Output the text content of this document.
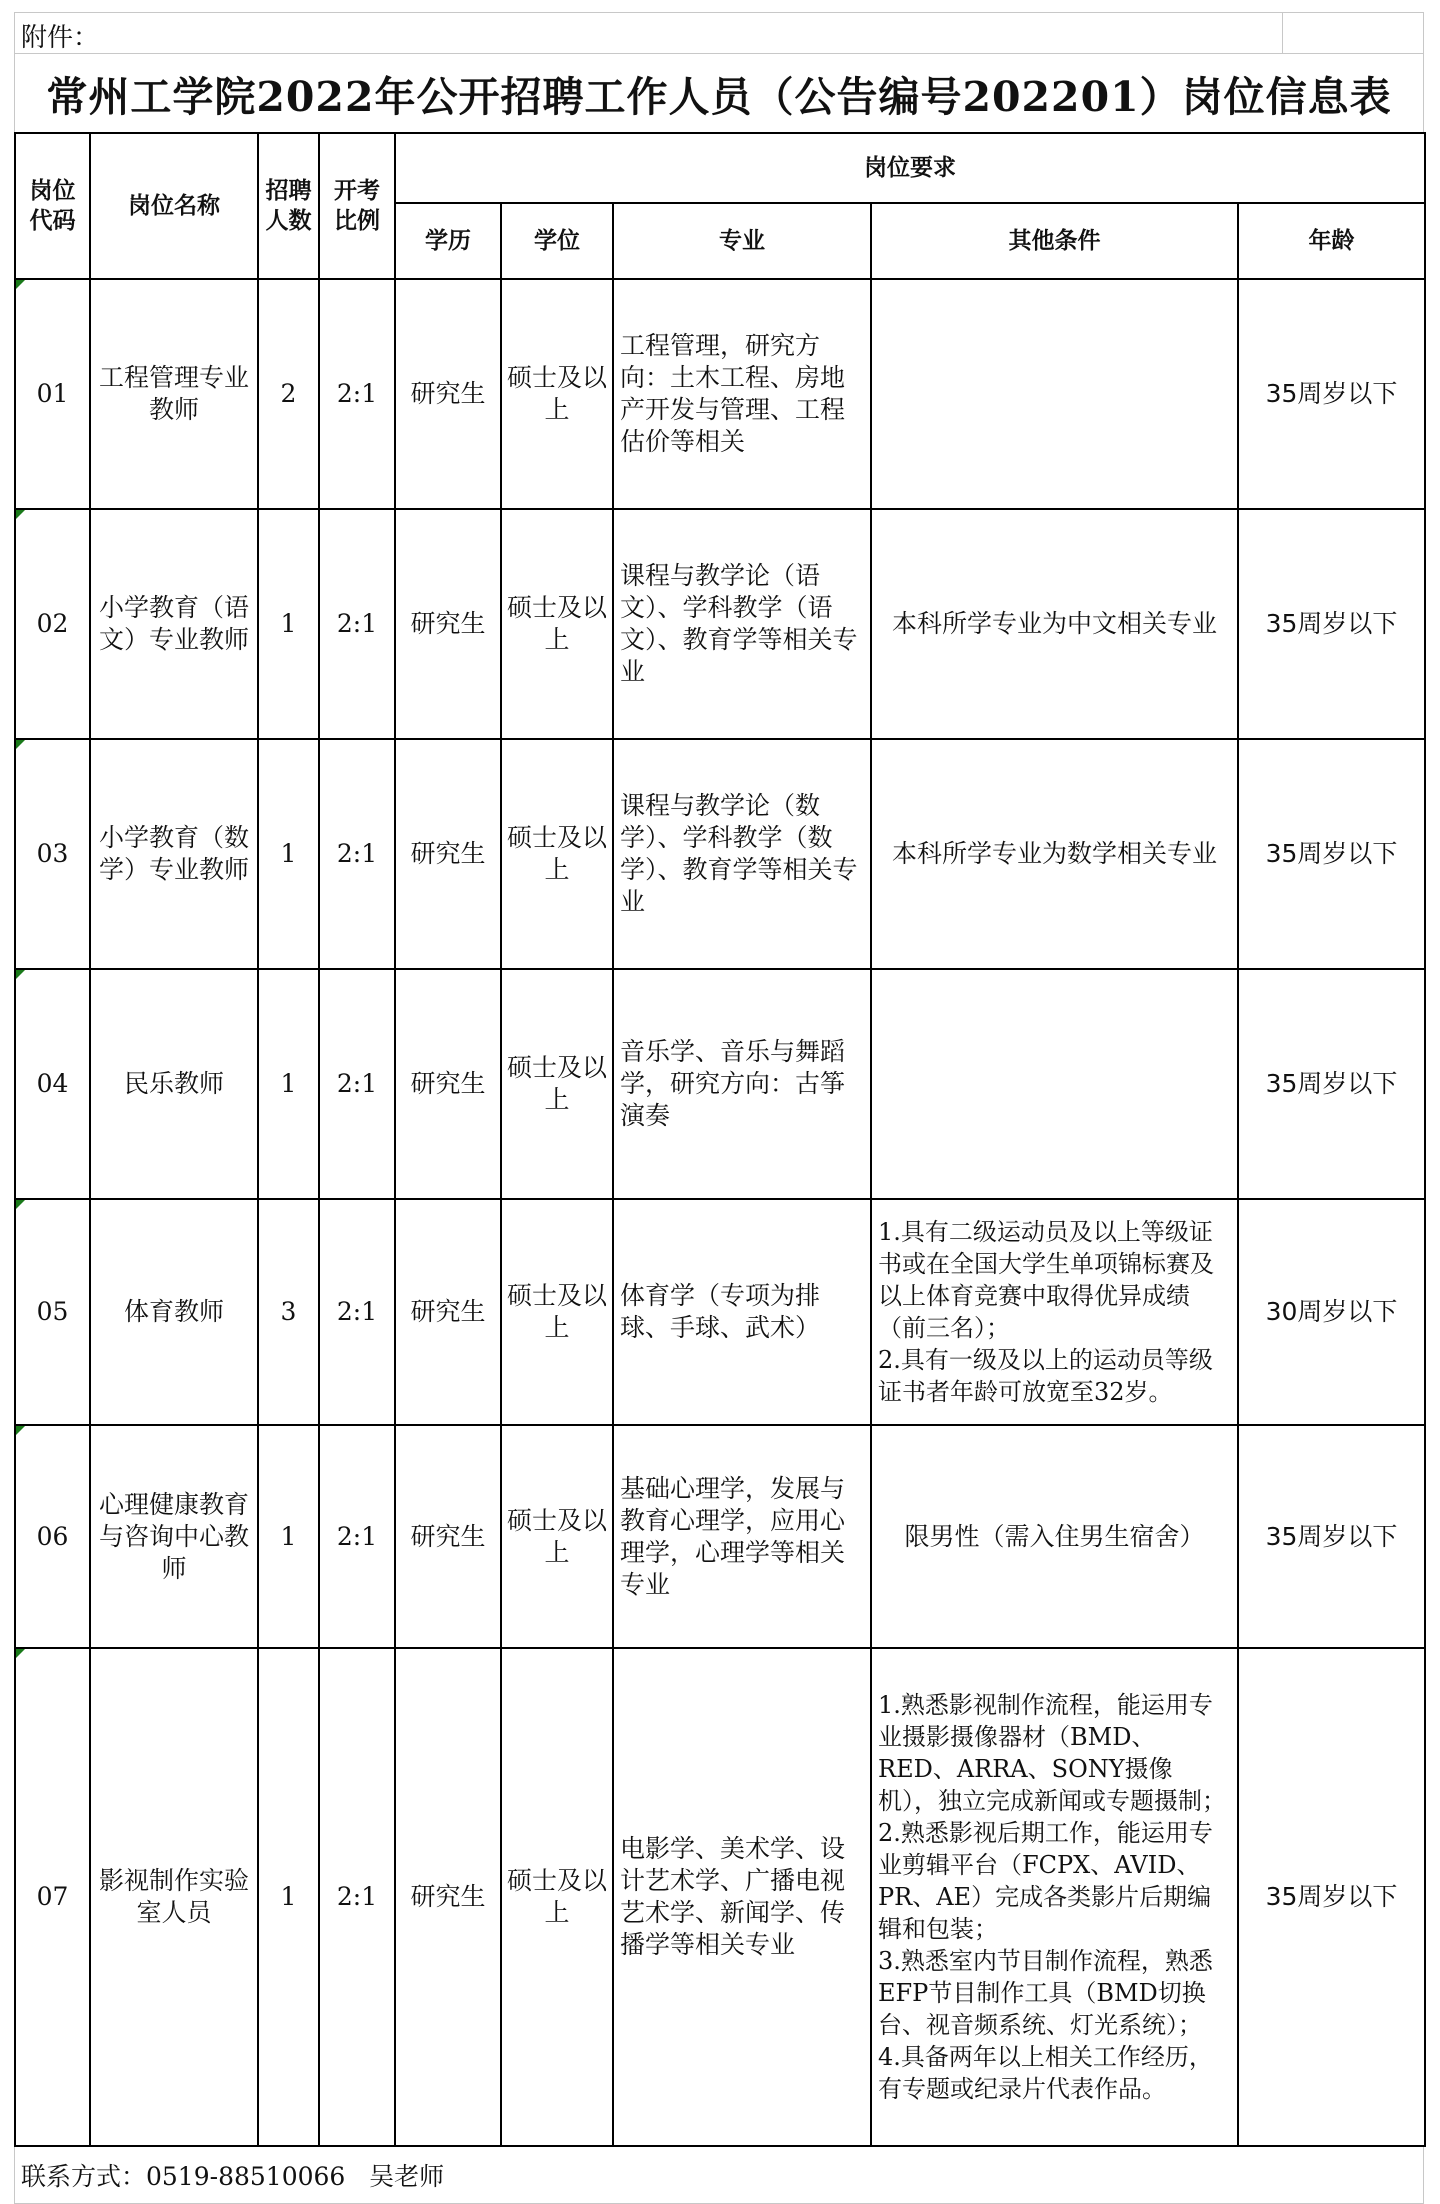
附件：
常州工学院2022年公开招聘工作人员（公告编号202201）岗位信息表
岗位代码	岗位名称	招聘人数	开考比例	岗位要求				
				学历	学位	专业	其他条件	年龄

01	工程管理专业教师	2	2:1	研究生	硕士及以上	工程管理，研究方向：土木工程、房地产开发与管理、工程估价等相关		35周岁以下

02	小学教育（语文）专业教师	1	2:1	研究生	硕士及以上	课程与教学论（语文）、学科教学（语文）、教育学等相关专业	本科所学专业为中文相关专业	35周岁以下

03	小学教育（数学）专业教师	1	2:1	研究生	硕士及以上	课程与教学论（数学）、学科教学（数学）、教育学等相关专业	本科所学专业为数学相关专业	35周岁以下

04	民乐教师	1	2:1	研究生	硕士及以上	音乐学、音乐与舞蹈学，研究方向：古筝演奏		35周岁以下

05	体育教师	3	2:1	研究生	硕士及以上	体育学（专项为排球、手球、武术）	1.具有二级运动员及以上等级证书或在全国大学生单项锦标赛及以上体育竞赛中取得优异成绩（前三名）；
2.具有一级及以上的运动员等级证书者年龄可放宽至32岁。	30周岁以下

06	心理健康教育与咨询中心教师	1	2:1	研究生	硕士及以上	基础心理学，发展与教育心理学，应用心理学，心理学等相关专业	限男性（需入住男生宿舍）	35周岁以下

07	影视制作实验室人员	1	2:1	研究生	硕士及以上	电影学、美术学、设计艺术学、广播电视艺术学、新闻学、传播学等相关专业	1.熟悉影视制作流程，能运用专业摄影摄像器材（BMD、RED、ARRA、SONY摄像机），独立完成新闻或专题摄制；
2.熟悉影视后期工作，能运用专业剪辑平台（FCPX、AVID、PR、AE）完成各类影片后期编辑和包装；
3.熟悉室内节目制作流程，熟悉EFP节目制作工具（BMD切换台、视音频系统、灯光系统）；
4.具备两年以上相关工作经历，有专题或纪录片代表作品。	35周岁以下
联系方式：0519-88510066   吴老师
